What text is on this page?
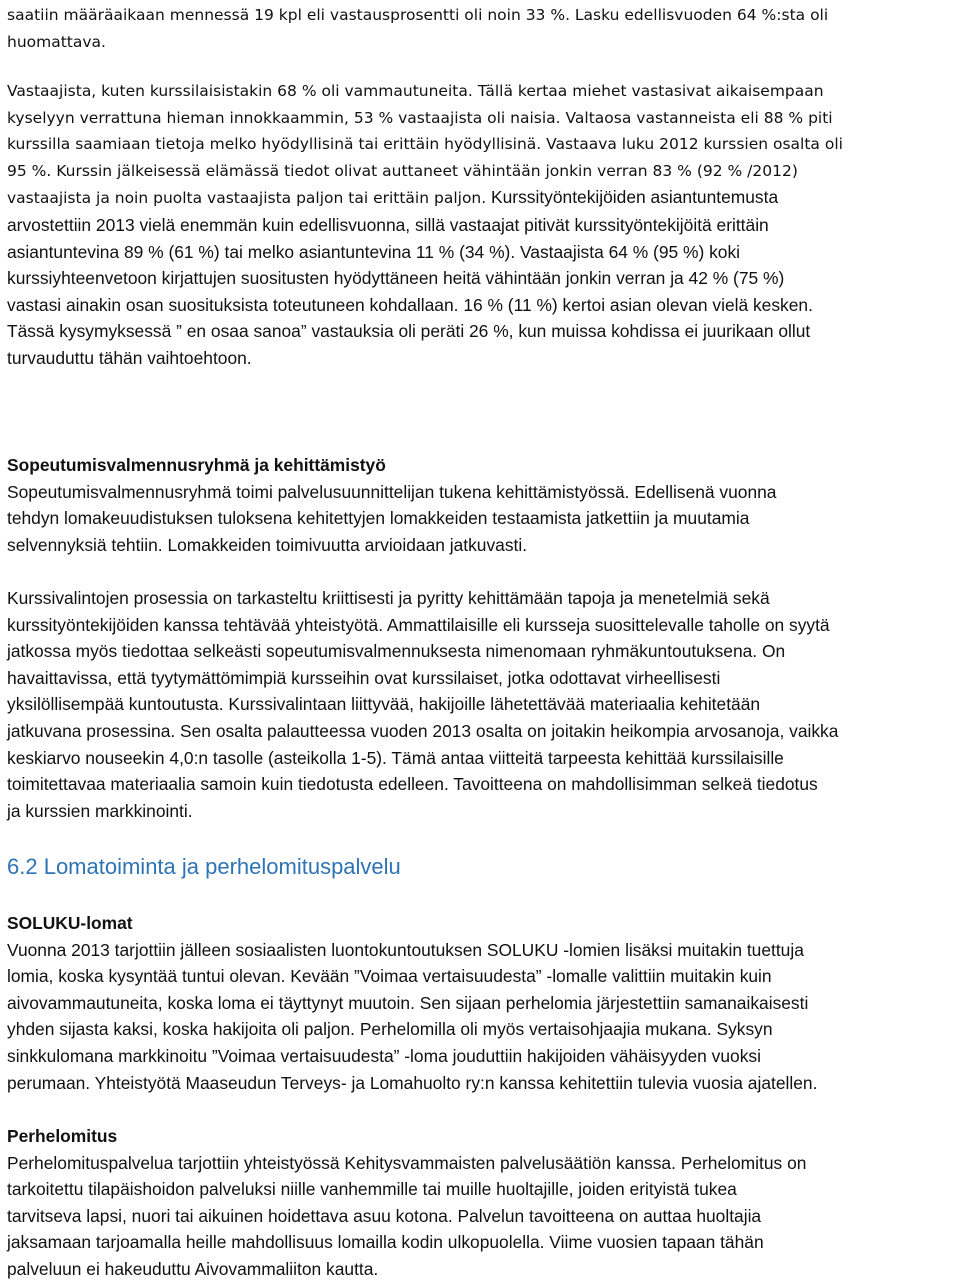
saatiin määräaikaan mennessä 19 kpl eli vastausprosentti oli noin 33 %. Lasku edellisvuoden 64 %:sta oli
huomattava.

Vastaajista, kuten kurssilaisistakin 68 % oli vammautuneita. Tällä kertaa miehet vastasivat aikaisempaan
kyselyyn verrattuna hieman innokkaammin, 53 % vastaajista oli naisia. Valtaosa vastanneista eli 88 % piti
kurssilla saamiaan tietoja melko hyödyllisinä tai erittäin hyödyllisinä. Vastaava luku 2012 kurssien osalta oli

95 %. Kurssin jälkeisessä elämässä tiedot olivat auttaneet vähintään jonkin verran 83 % (92 % /2012)
vastaajista ja noin puolta vastaajista paljon tai erittäin paljon. Kurssityöntekijöiden asiantuntemusta

arvostettiin 2013 vielä enemmän kuin edellisvuonna, sillä vastaajat pitivät kurssityöntekijöitä erittäin
asiantuntevina 89 % (61 %) tai melko asiantuntevina 11 % (34 %). Vastaajista 64 % (95 %) koki
kurssiyhteenvetoon kirjattujen suositusten hyödyttäneen heitä vähintään jonkin verran ja 42 % (75 %)
vastasi ainakin osan suosituksista toteutuneen kohdallaan. 16 % (11 %) kertoi asian olevan vielä kesken.
Tässä kysymyksessä ” en osaa sanoa” vastauksia oli peräti 26 %, kun muissa kohdissa ei juurikaan ollut
turvauduttu tähän vaihtoehtoon.

Sopeutumisvalmennusryhmä ja kehittämistyö

Sopeutumisvalmennusryhmä toimi palvelusuunnittelijan tukena kehittämistyössä. Edellisenä vuonna
tehdyn lomakeuudistuksen tuloksena kehitettyjen lomakkeiden testaamista jatkettiin ja muutamia
selvennyksiä tehtiin. Lomakkeiden toimivuutta arvioidaan jatkuvasti.

Kurssivalintojen prosessia on tarkasteltu kriittisesti ja pyritty kehittämään tapoja ja menetelmiä sekä
kurssityöntekijöiden kanssa tehtävää yhteistyötä. Ammattilaisille eli kursseja suosittelevalle taholle on syytä
jatkossa myös tiedottaa selkeästi sopeutumisvalmennuksesta nimenomaan ryhmäkuntoutuksena. On
havaittavissa, että tyytymättömimpiä kursseihin ovat kurssilaiset, jotka odottavat virheellisesti
yksilöllisempää kuntoutusta. Kurssivalintaan liittyvää, hakijoille lähetettävää materiaalia kehitetään
jatkuvana prosessina. Sen osalta palautteessa vuoden 2013 osalta on joitakin heikompia arvosanoja, vaikka
keskiarvo nouseekin 4,0:n tasolle (asteikolla 1-5). Tämä antaa viitteitä tarpeesta kehittää kurssilaisille
toimitettavaa materiaalia samoin kuin tiedotusta edelleen. Tavoitteena on mahdollisimman selkeä tiedotus
ja kurssien markkinointi.

6.2 Lomatoiminta ja perhelomituspalvelu

SOLUKU-lomat

Vuonna 2013 tarjottiin jälleen sosiaalisten luontokuntoutuksen SOLUKU -lomien lisäksi muitakin tuettuja
lomia, koska kysyntää tuntui olevan. Kevään ”Voimaa vertaisuudesta” -lomalle valittiin muitakin kuin
aivovammautuneita, koska loma ei täyttynyt muutoin. Sen sijaan perhelomia järjestettiin samanaikaisesti
yhden sijasta kaksi, koska hakijoita oli paljon. Perhelomilla oli myös vertaisohjaajia mukana. Syksyn
sinkkulomana markkinoitu ”Voimaa vertaisuudesta” -loma jouduttiin hakijoiden vähäisyyden vuoksi
perumaan. Yhteistyötä Maaseudun Terveys- ja Lomahuolto ry:n kanssa kehitettiin tulevia vuosia ajatellen.

Perhelomitus

Perhelomituspalvelua tarjottiin yhteistyössä Kehitysvammaisten palvelusäätiön kanssa. Perhelomitus on
tarkoitettu tilapäishoidon palveluksi niille vanhemmille tai muille huoltajille, joiden erityistä tukea
tarvitseva lapsi, nuori tai aikuinen hoidettava asuu kotona. Palvelun tavoitteena on auttaa huoltajia
jaksamaan tarjoamalla heille mahdollisuus lomailla kodin ulkopuolella. Viime vuosien tapaan tähän
palveluun ei hakeuduttu Aivovammaliiton kautta.
